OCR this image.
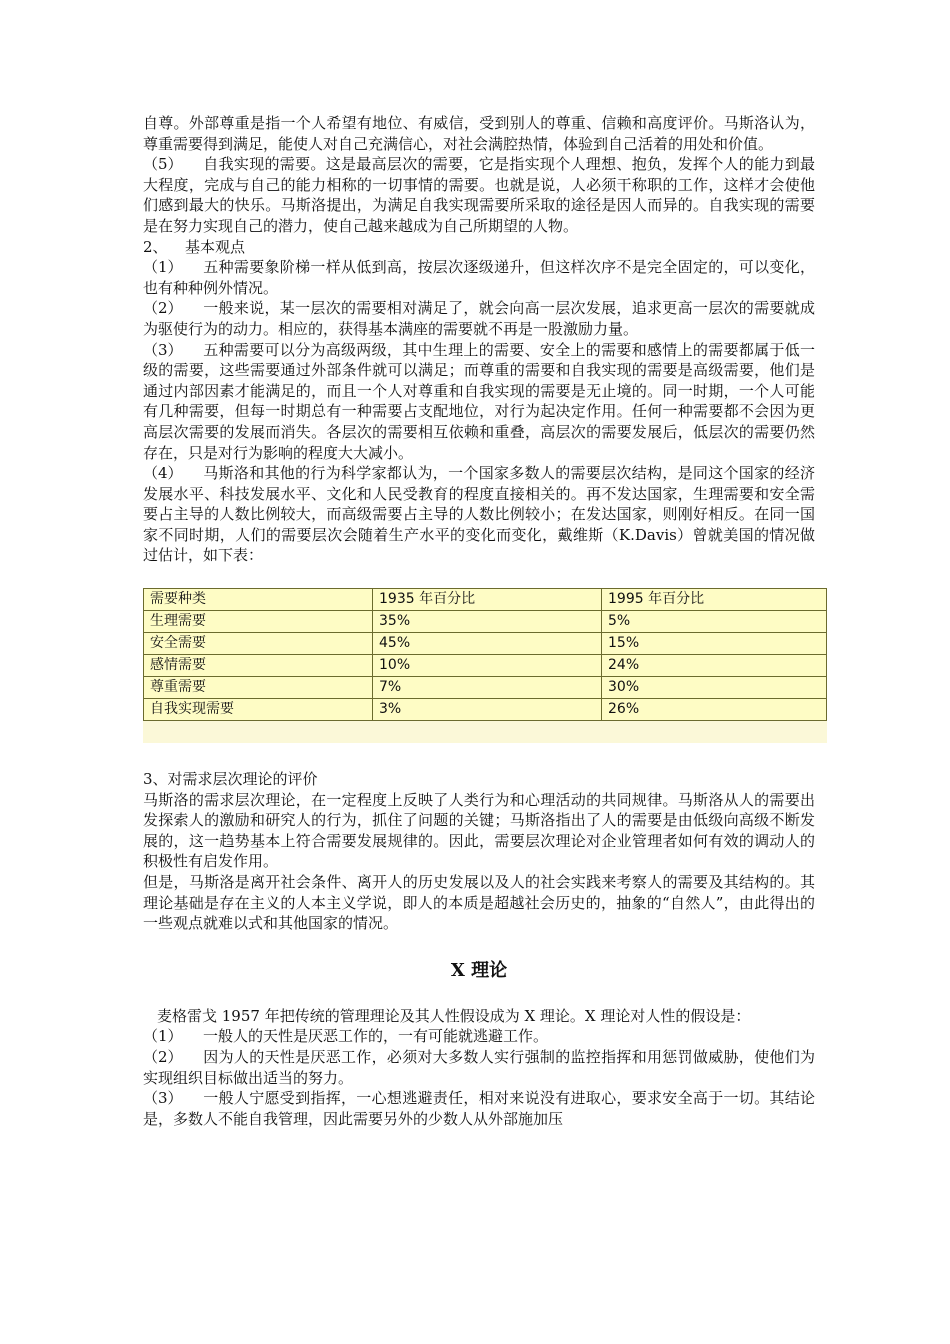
自尊。外部尊重是指一个人希望有地位、有威信，受到别人的尊重、信赖和高度评价。马斯洛认为，尊重需要得到满足，能使人对自己充满信心，对社会满腔热情，体验到自己活着的用处和价值。

（5） 自我实现的需要。这是最高层次的需要，它是指实现个人理想、抱负，发挥个人的能力到最大程度，完成与自己的能力相称的一切事情的需要。也就是说，人必须干称职的工作，这样才会使他们感到最大的快乐。马斯洛提出，为满足自我实现需要所采取的途径是因人而异的。自我实现的需要是在努力实现自己的潜力，使自己越来越成为自己所期望的人物。

2、 基本观点

（1） 五种需要象阶梯一样从低到高，按层次逐级递升，但这样次序不是完全固定的，可以变化，也有种种例外情况。

（2） 一般来说，某一层次的需要相对满足了，就会向高一层次发展，追求更高一层次的需要就成为驱使行为的动力。相应的，获得基本满座的需要就不再是一股激励力量。

（3） 五种需要可以分为高级两级，其中生理上的需要、安全上的需要和感情上的需要都属于低一级的需要，这些需要通过外部条件就可以满足；而尊重的需要和自我实现的需要是高级需要，他们是通过内部因素才能满足的，而且一个人对尊重和自我实现的需要是无止境的。同一时期，一个人可能有几种需要，但每一时期总有一种需要占支配地位，对行为起决定作用。任何一种需要都不会因为更高层次需要的发展而消失。各层次的需要相互依赖和重叠，高层次的需要发展后，低层次的需要仍然存在，只是对行为影响的程度大大减小。

（4） 马斯洛和其他的行为科学家都认为，一个国家多数人的需要层次结构，是同这个国家的经济发展水平、科技发展水平、文化和人民受教育的程度直接相关的。再不发达国家，生理需要和安全需要占主导的人数比例较大，而高级需要占主导的人数比例较小；在发达国家，则刚好相反。在同一国家不同时期，人们的需要层次会随着生产水平的变化而变化，戴维斯（K.Davis）曾就美国的情况做过估计，如下表：

需要种类	1935 年百分比	1995 年百分比
生理需要	35%	5%
安全需要	45%	15%
感情需要	10%	24%
尊重需要	7%	30%
自我实现需要	3%	26%

3、对需求层次理论的评价

马斯洛的需求层次理论，在一定程度上反映了人类行为和心理活动的共同规律。马斯洛从人的需要出发探索人的激励和研究人的行为，抓住了问题的关键；马斯洛指出了人的需要是由低级向高级不断发展的，这一趋势基本上符合需要发展规律的。因此，需要层次理论对企业管理者如何有效的调动人的积极性有启发作用。

但是，马斯洛是离开社会条件、离开人的历史发展以及人的社会实践来考察人的需要及其结构的。其理论基础是存在主义的人本主义学说，即人的本质是超越社会历史的，抽象的“自然人”，由此得出的一些观点就难以式和其他国家的情况。

X 理论

麦格雷戈 1957 年把传统的管理理论及其人性假设成为 X 理论。X 理论对人性的假设是：

（1） 一般人的天性是厌恶工作的，一有可能就逃避工作。

（2） 因为人的天性是厌恶工作，必须对大多数人实行强制的监控指挥和用惩罚做威胁，使他们为实现组织目标做出适当的努力。

（3） 一般人宁愿受到指挥，一心想逃避责任，相对来说没有进取心，要求安全高于一切。其结论是，多数人不能自我管理，因此需要另外的少数人从外部施加压
